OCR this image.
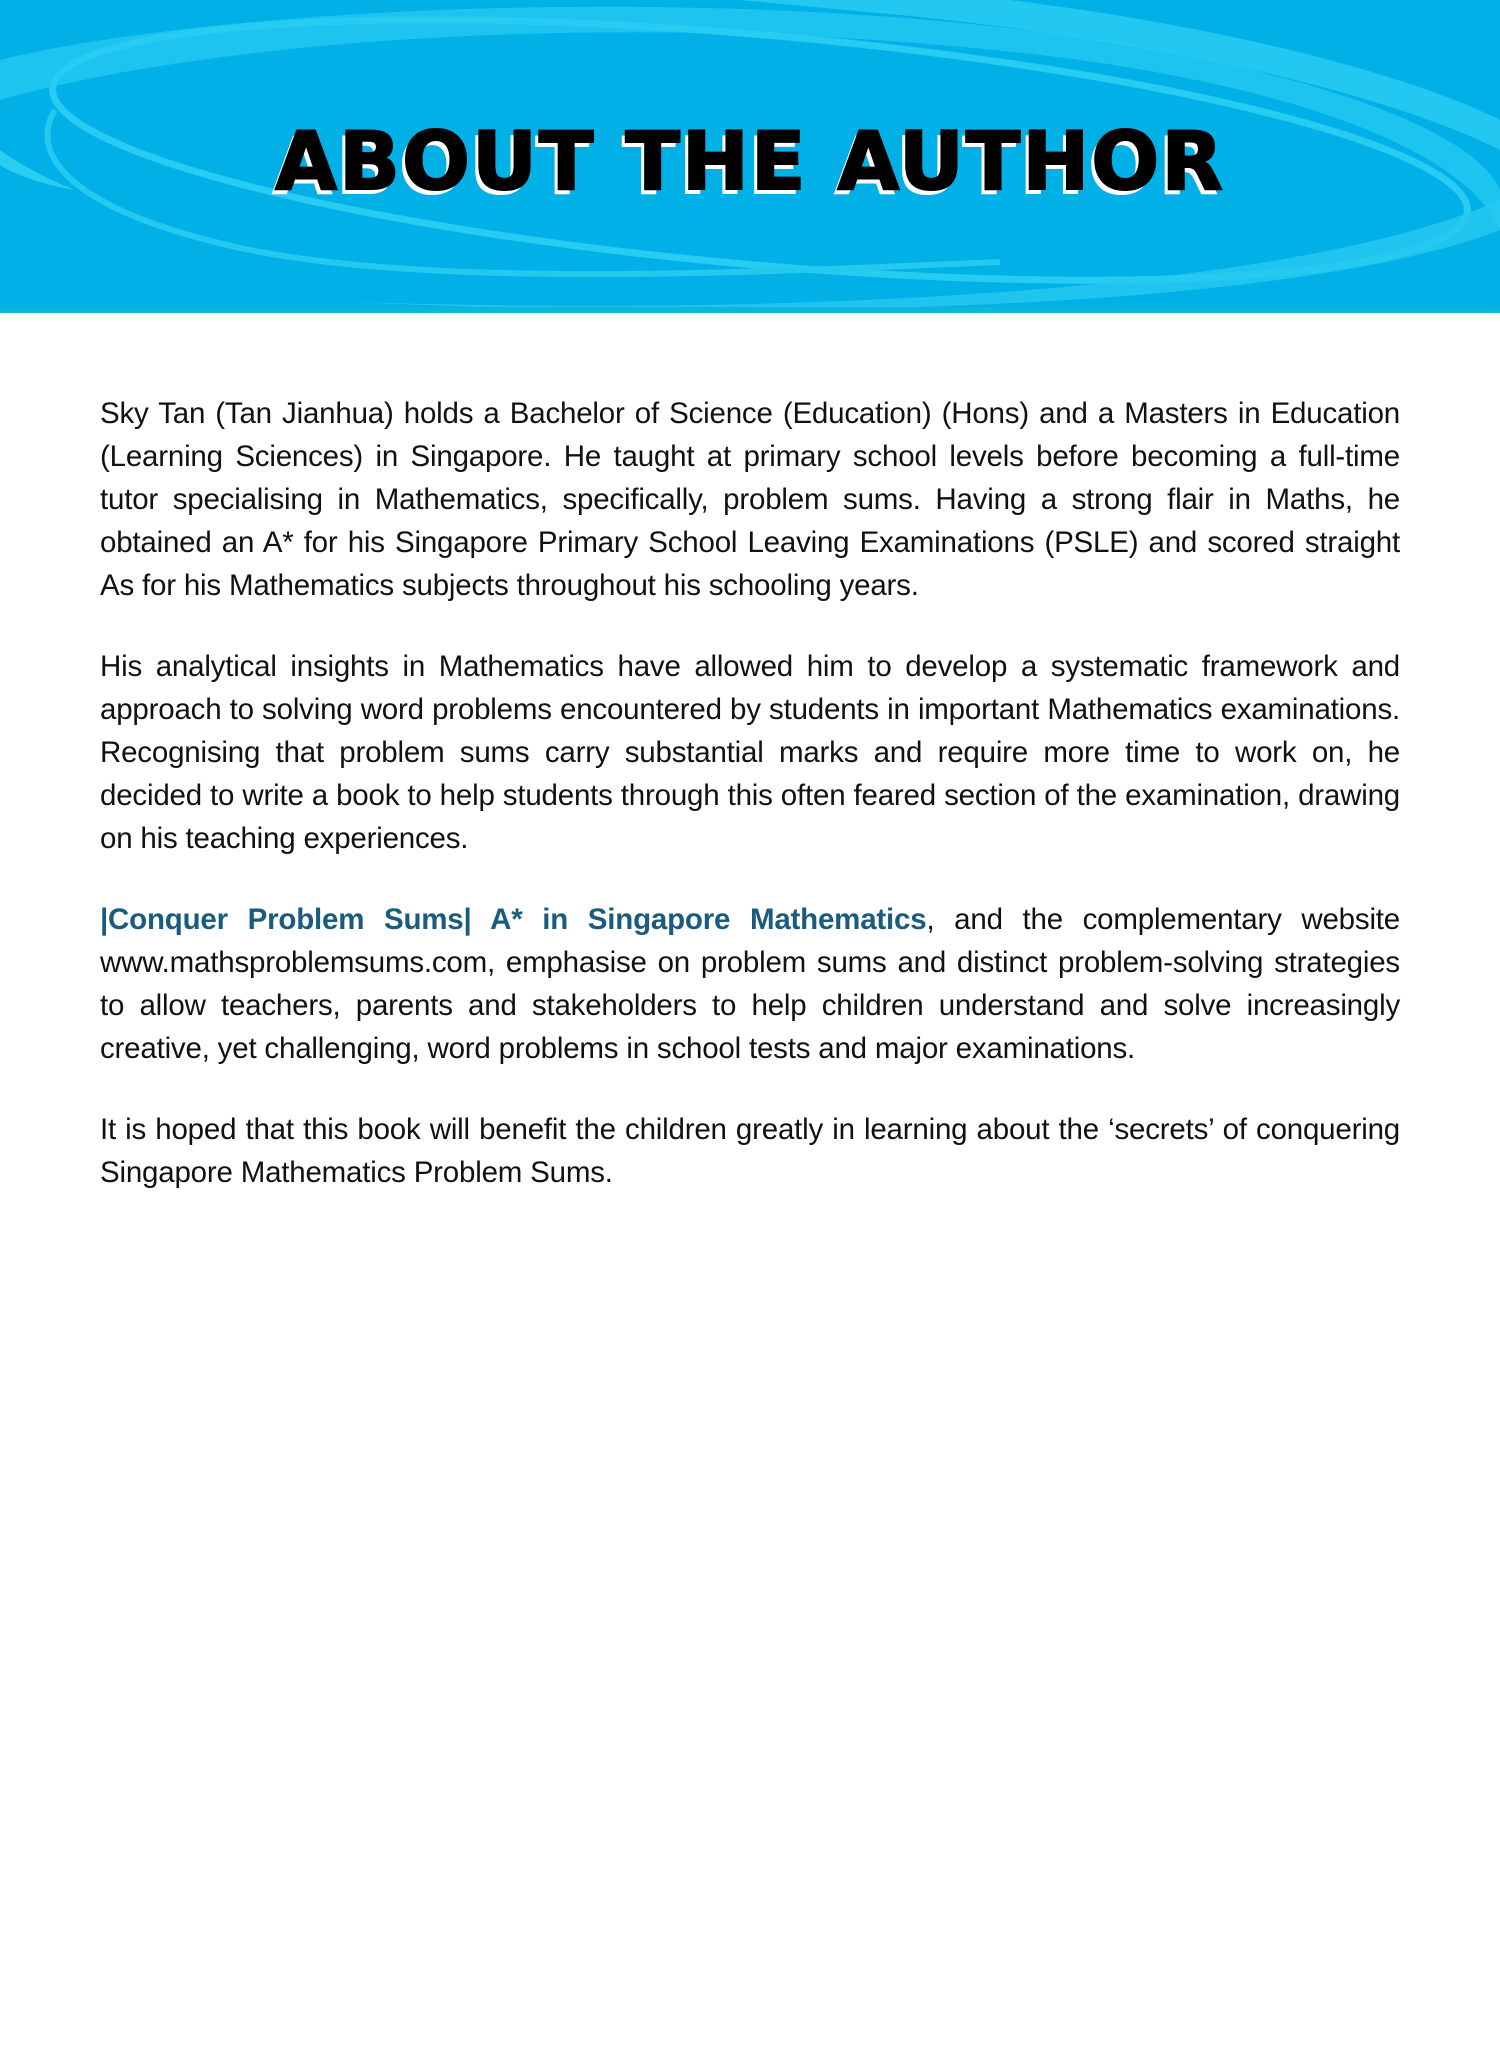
ABOUT THE AUTHOR

Sky Tan (Tan Jianhua) holds a Bachelor of Science (Education) (Hons) and a Masters in Education (Learning Sciences) in Singapore. He taught at primary school levels before becoming a full-time tutor specialising in Mathematics, specifically, problem sums. Having a strong flair in Maths, he obtained an A* for his Singapore Primary School Leaving Examinations (PSLE) and scored straight As for his Mathematics subjects throughout his schooling years.

His analytical insights in Mathematics have allowed him to develop a systematic framework and approach to solving word problems encountered by students in important Mathematics examinations. Recognising that problem sums carry substantial marks and require more time to work on, he decided to write a book to help students through this often feared section of the examination, drawing on his teaching experiences.

|Conquer Problem Sums| A* in Singapore Mathematics, and the complementary website www.mathsproblemsums.com, emphasise on problem sums and distinct problem-solving strategies to allow teachers, parents and stakeholders to help children understand and solve increasingly creative, yet challenging, word problems in school tests and major examinations.

It is hoped that this book will benefit the children greatly in learning about the ‘secrets’ of conquering Singapore Mathematics Problem Sums.
